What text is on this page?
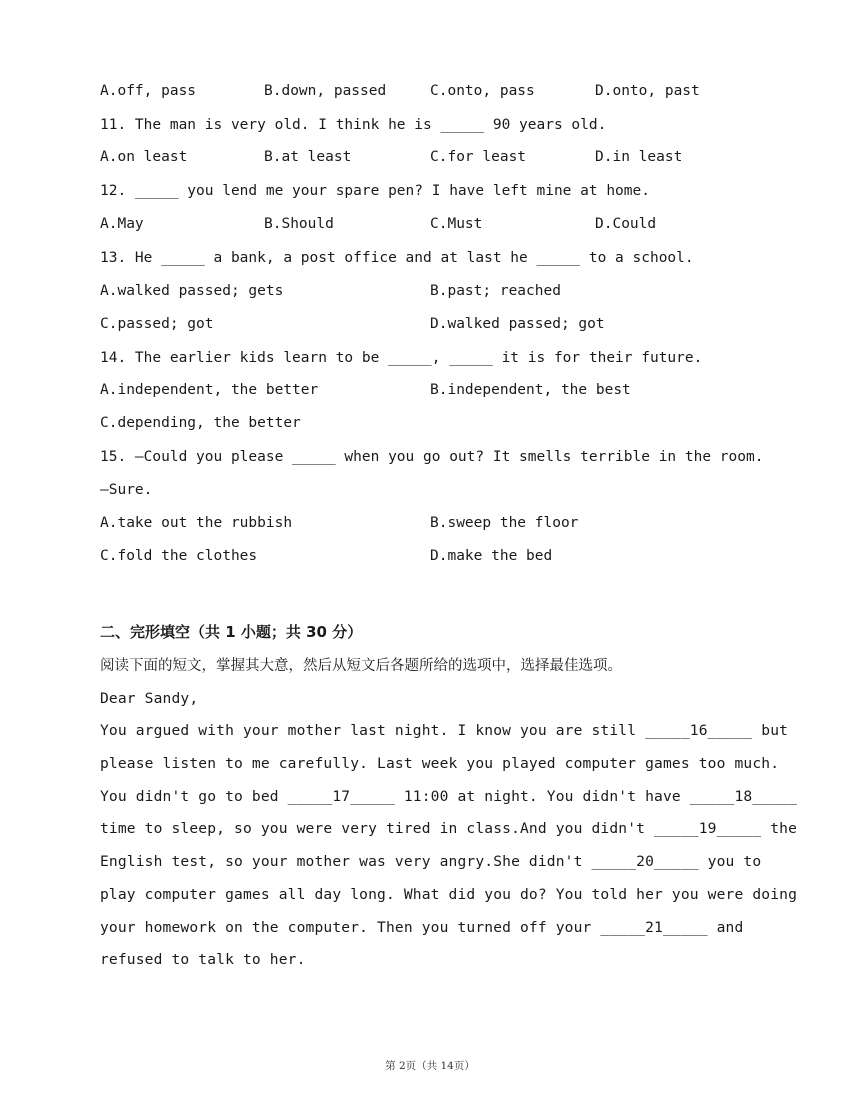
A.off, pass	B.down, passed	C.onto, pass	D.onto, past
11. The man is very old. I think he is _____ 90 years old.
A.on least	B.at least	C.for least	D.in least
12. _____ you lend me your spare pen? I have left mine at home.
A.May	B.Should	C.Must	D.Could
13. He _____ a bank, a post office and at last he _____ to a school.
A.walked passed; gets	B.past; reached
C.passed; got	D.walked passed; got
14. The earlier kids learn to be _____, _____ it is for their future.
A.independent, the better	B.independent, the best
C.depending, the better
15. —Could you please _____ when you go out? It smells terrible in the room.
—Sure.
A.take out the rubbish	B.sweep the floor
C.fold the clothes	D.make the bed
二、完形填空（共 1 小题；共 30 分）
阅读下面的短文，掌握其大意，然后从短文后各题所给的选项中，选择最佳选项。
Dear Sandy,
You argued with your mother last night. I know you are still _____16_____ but
please listen to me carefully. Last week you played computer games too much.
You didn't go to bed _____17_____ 11:00 at night. You didn't have _____18_____
time to sleep, so you were very tired in class.And you didn't _____19_____ the
English test, so your mother was very angry.She didn't _____20_____ you to
play computer games all day long. What did you do? You told her you were doing
your homework on the computer. Then you turned off your _____21_____ and
refused to talk to her.
第 2页（共 14页）
